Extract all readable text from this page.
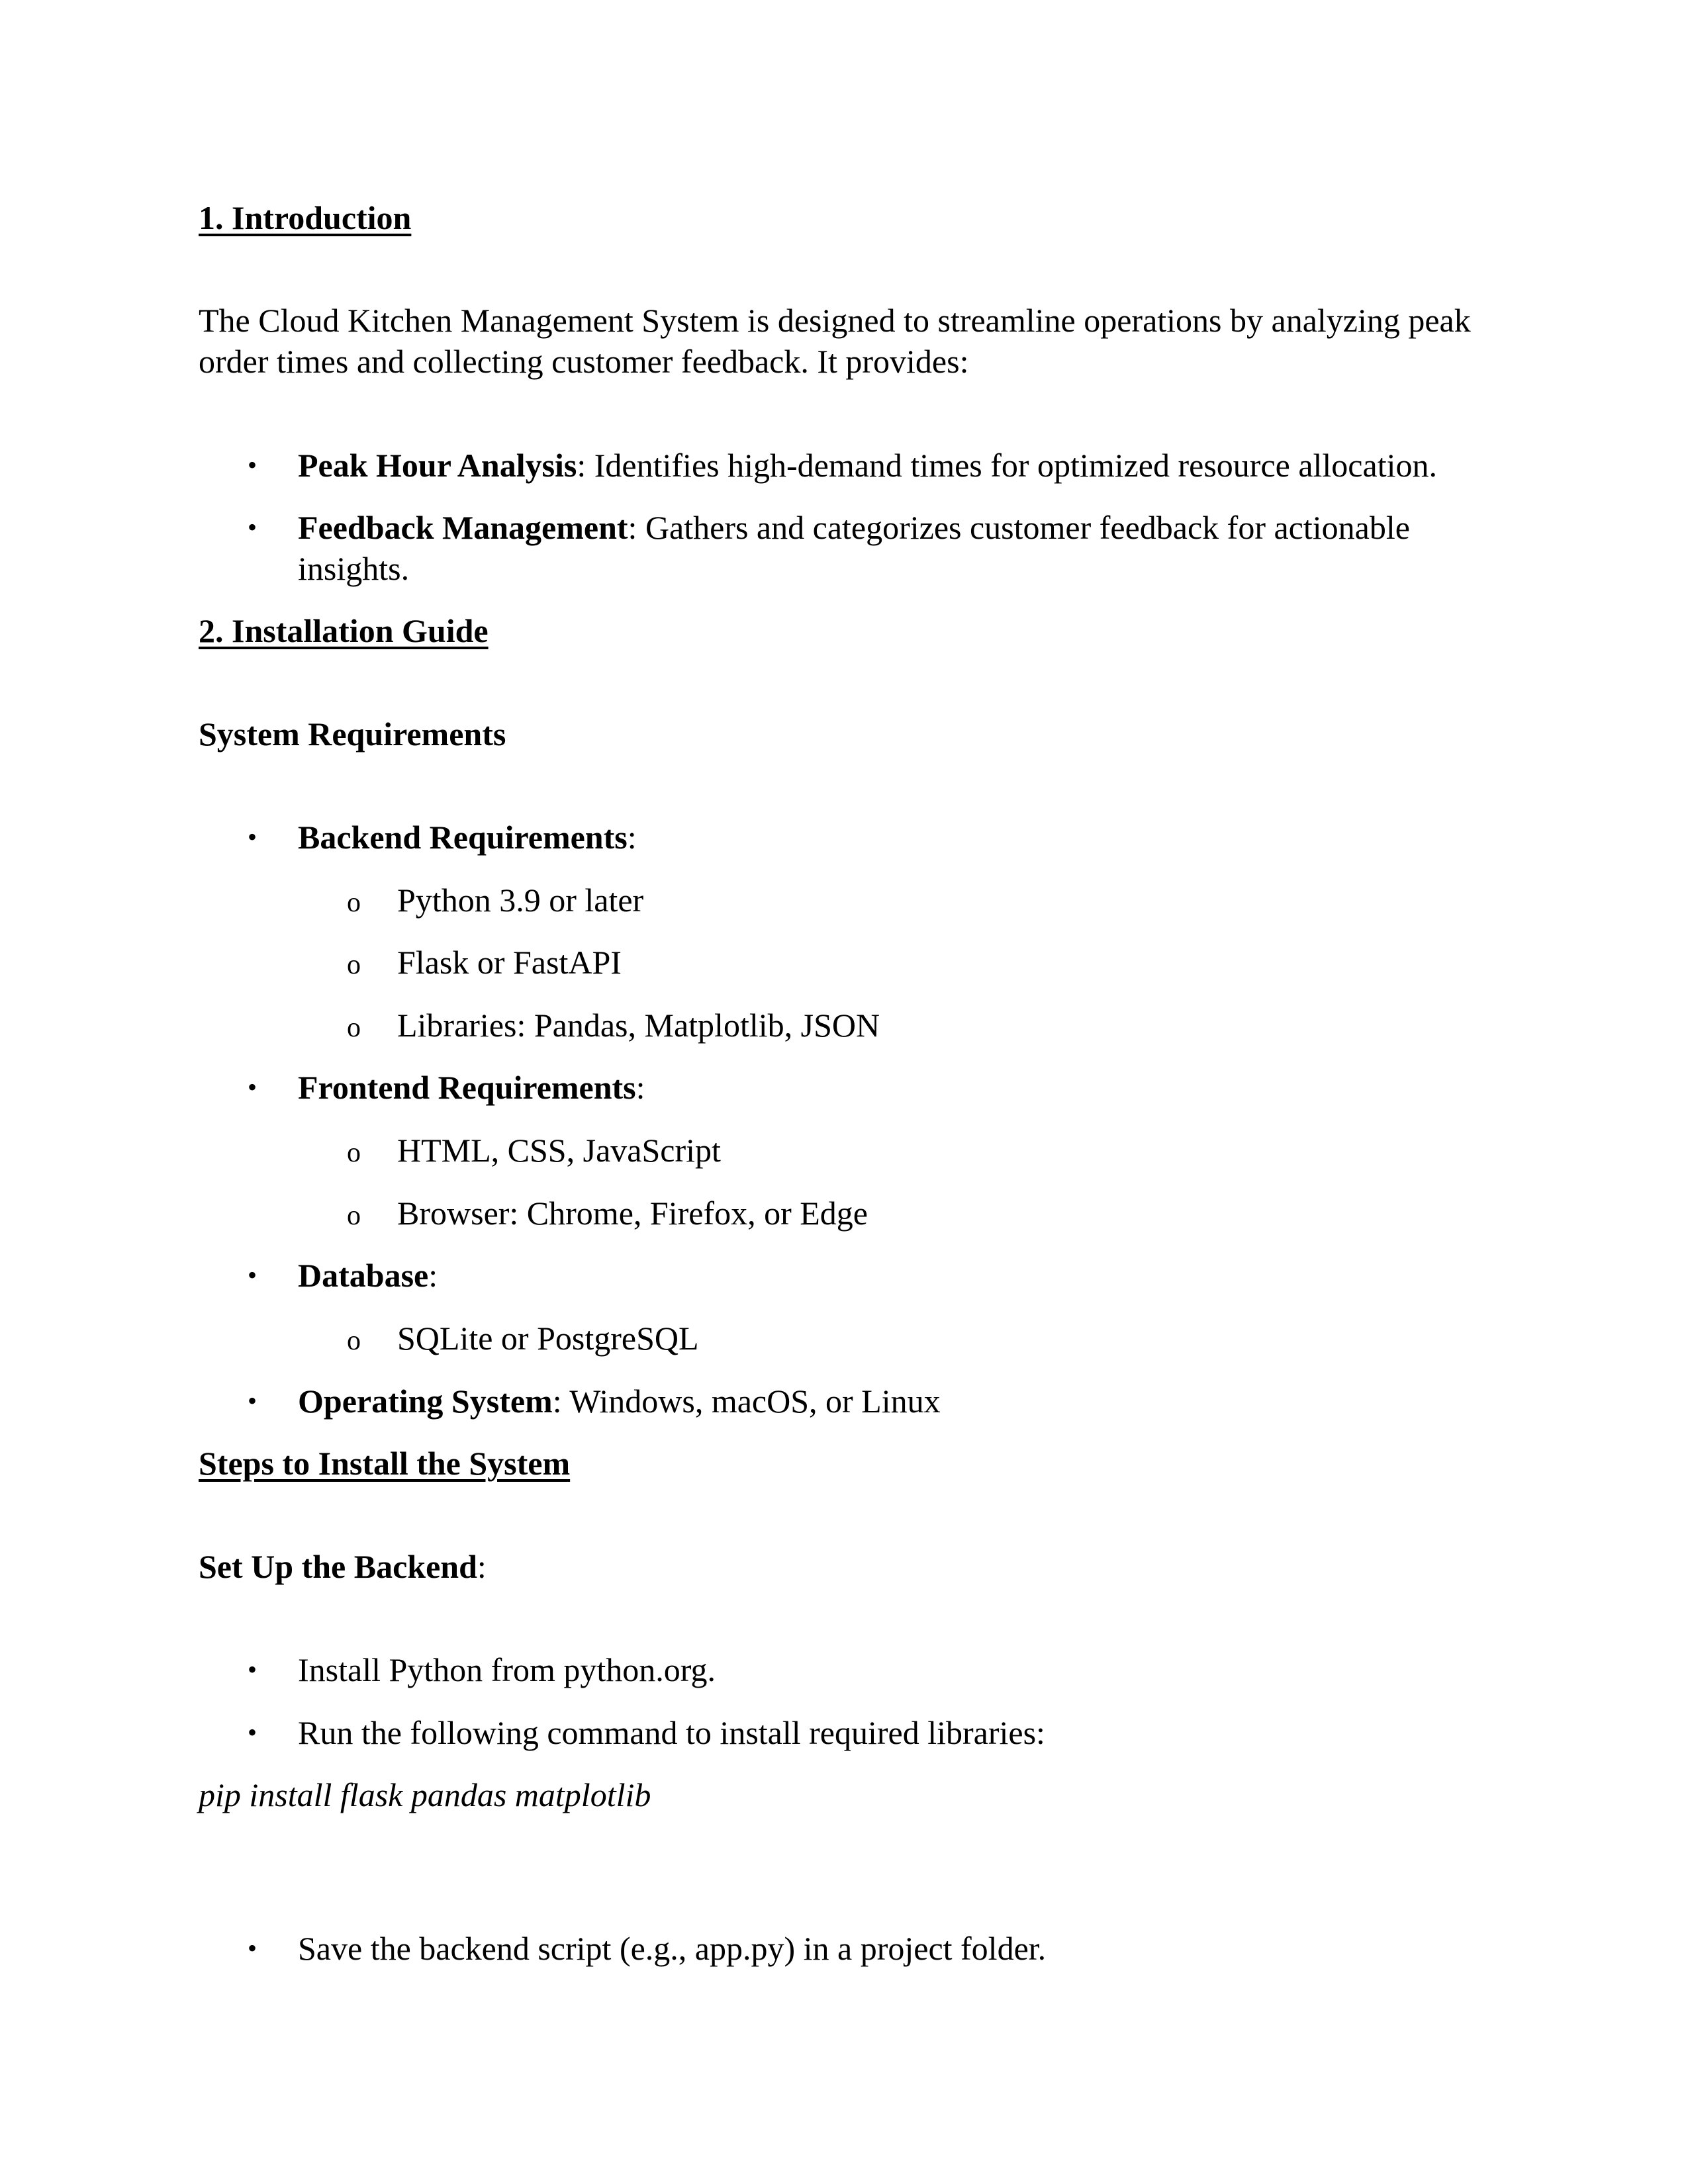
1. Introduction
The Cloud Kitchen Management System is designed to streamline operations by analyzing peak order times and collecting customer feedback. It provides:
• Peak Hour Analysis: Identifies high-demand times for optimized resource allocation.
• Feedback Management: Gathers and categorizes customer feedback for actionable insights.
2. Installation Guide
System Requirements
• Backend Requirements:
o Python 3.9 or later
o Flask or FastAPI
o Libraries: Pandas, Matplotlib, JSON
• Frontend Requirements:
o HTML, CSS, JavaScript
o Browser: Chrome, Firefox, or Edge
• Database:
o SQLite or PostgreSQL
• Operating System: Windows, macOS, or Linux
Steps to Install the System
Set Up the Backend:
• Install Python from python.org.
• Run the following command to install required libraries:
pip install flask pandas matplotlib
• Save the backend script (e.g., app.py) in a project folder.
